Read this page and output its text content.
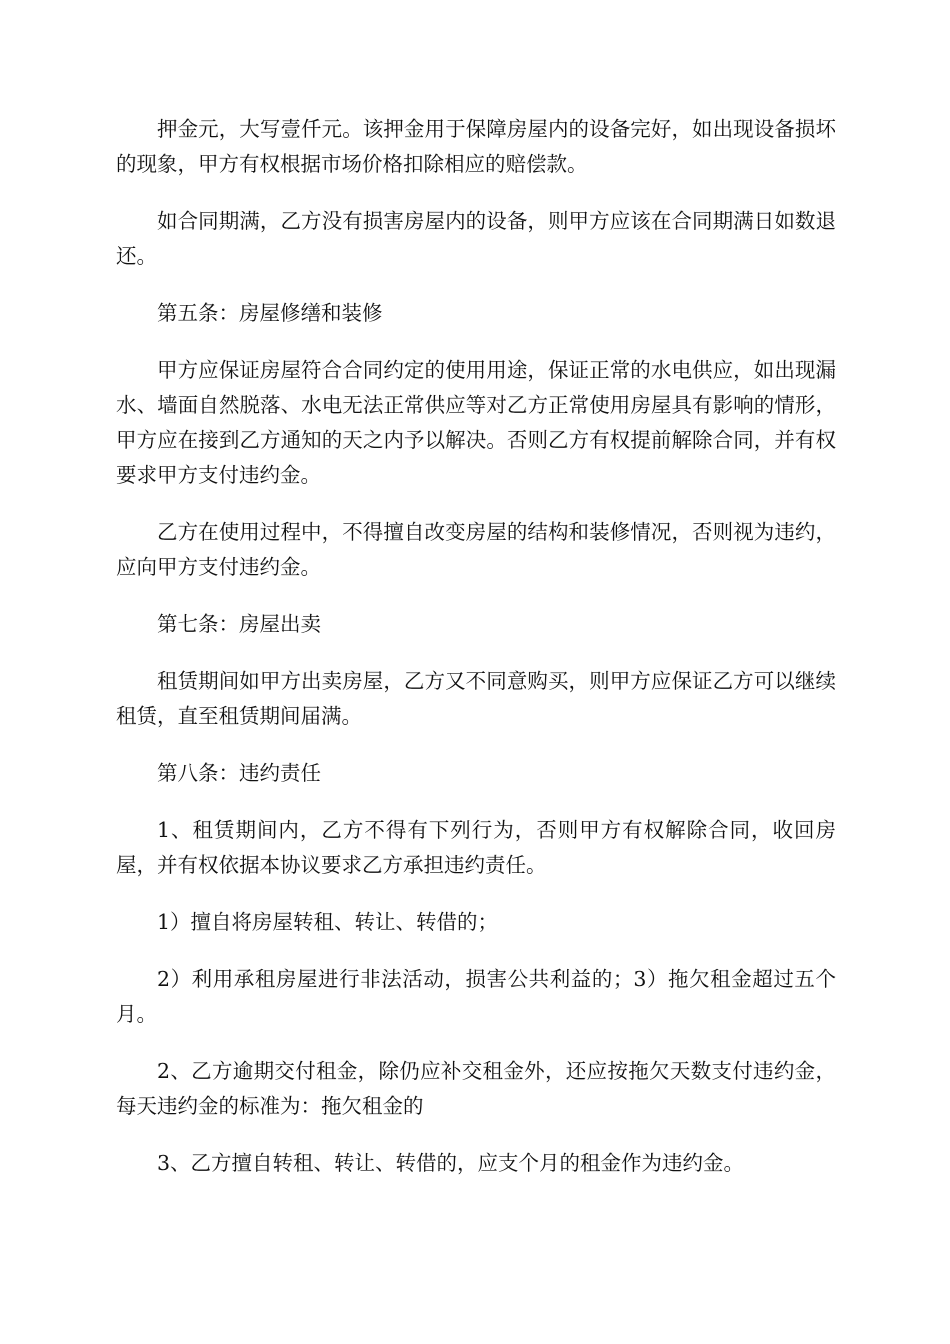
押金元，大写壹仟元。该押金用于保障房屋内的设备完好，如出现设备损坏的现象，甲方有权根据市场价格扣除相应的赔偿款。

如合同期满，乙方没有损害房屋内的设备，则甲方应该在合同期满日如数退还。

第五条：房屋修缮和装修

甲方应保证房屋符合合同约定的使用用途，保证正常的水电供应，如出现漏水、墙面自然脱落、水电无法正常供应等对乙方正常使用房屋具有影响的情形，甲方应在接到乙方通知的天之内予以解决。否则乙方有权提前解除合同，并有权要求甲方支付违约金。

乙方在使用过程中，不得擅自改变房屋的结构和装修情况，否则视为违约，应向甲方支付违约金。

第七条：房屋出卖

租赁期间如甲方出卖房屋，乙方又不同意购买，则甲方应保证乙方可以继续租赁，直至租赁期间届满。

第八条：违约责任

1、租赁期间内，乙方不得有下列行为，否则甲方有权解除合同，收回房屋，并有权依据本协议要求乙方承担违约责任。

1）擅自将房屋转租、转让、转借的；

2）利用承租房屋进行非法活动，损害公共利益的；3）拖欠租金超过五个月。

2、乙方逾期交付租金，除仍应补交租金外，还应按拖欠天数支付违约金，每天违约金的标准为：拖欠租金的

3、乙方擅自转租、转让、转借的，应支个月的租金作为违约金。
